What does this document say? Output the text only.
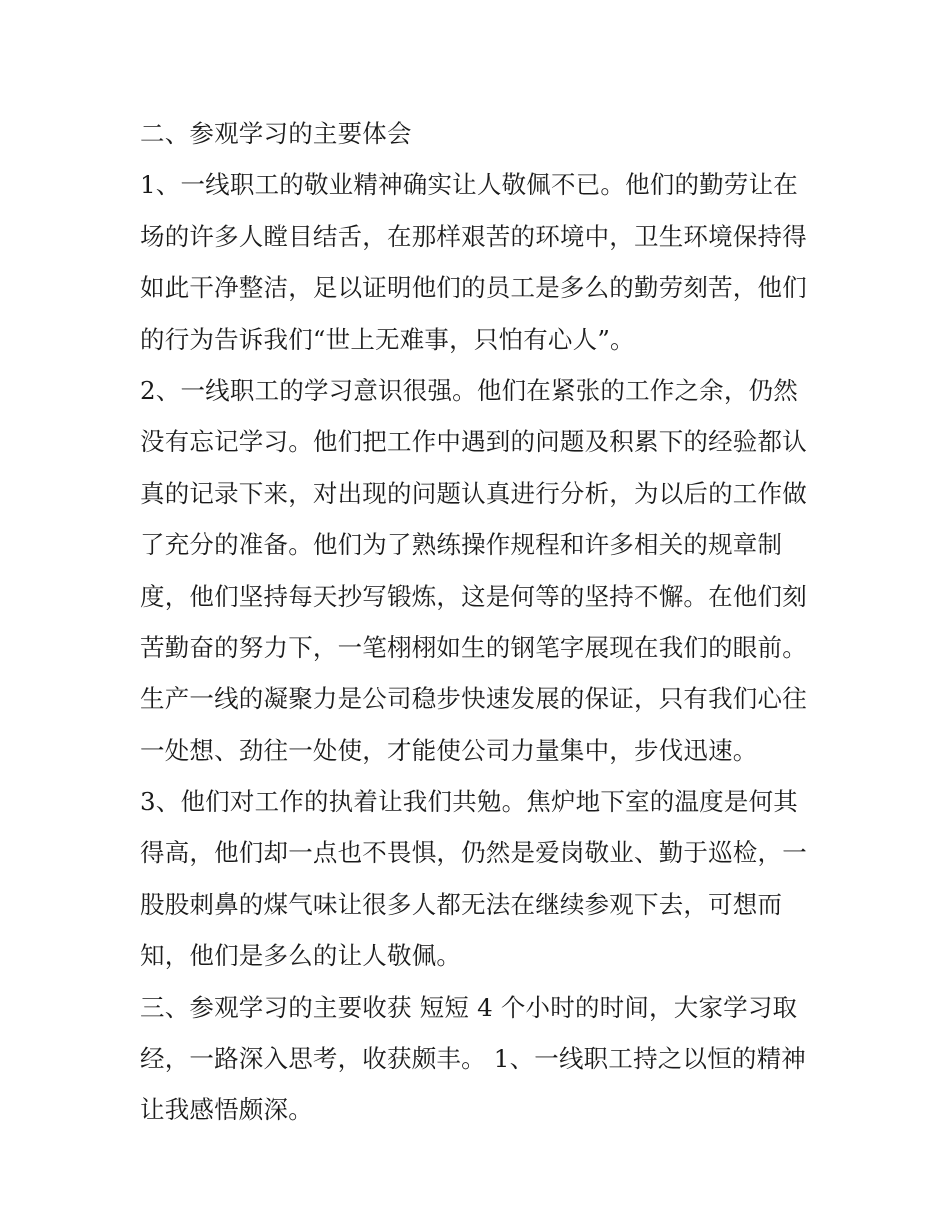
二、参观学习的主要体会
1、一线职工的敬业精神确实让人敬佩不已。他们的勤劳让在
场的许多人瞠目结舌，在那样艰苦的环境中，卫生环境保持得
如此干净整洁，足以证明他们的员工是多么的勤劳刻苦，他们
的行为告诉我们“世上无难事，只怕有心人”。
2、一线职工的学习意识很强。他们在紧张的工作之余，仍然
没有忘记学习。他们把工作中遇到的问题及积累下的经验都认
真的记录下来，对出现的问题认真进行分析，为以后的工作做
了充分的准备。他们为了熟练操作规程和许多相关的规章制
度，他们坚持每天抄写锻炼，这是何等的坚持不懈。在他们刻
苦勤奋的努力下，一笔栩栩如生的钢笔字展现在我们的眼前。
生产一线的凝聚力是公司稳步快速发展的保证，只有我们心往
一处想、劲往一处使，才能使公司力量集中，步伐迅速。
3、他们对工作的执着让我们共勉。焦炉地下室的温度是何其
得高，他们却一点也不畏惧，仍然是爱岗敬业、勤于巡检，一
股股刺鼻的煤气味让很多人都无法在继续参观下去，可想而
知，他们是多么的让人敬佩。
三、参观学习的主要收获 短短 4 个小时的时间，大家学习取
经，一路深入思考，收获颇丰。 1、一线职工持之以恒的精神
让我感悟颇深。
